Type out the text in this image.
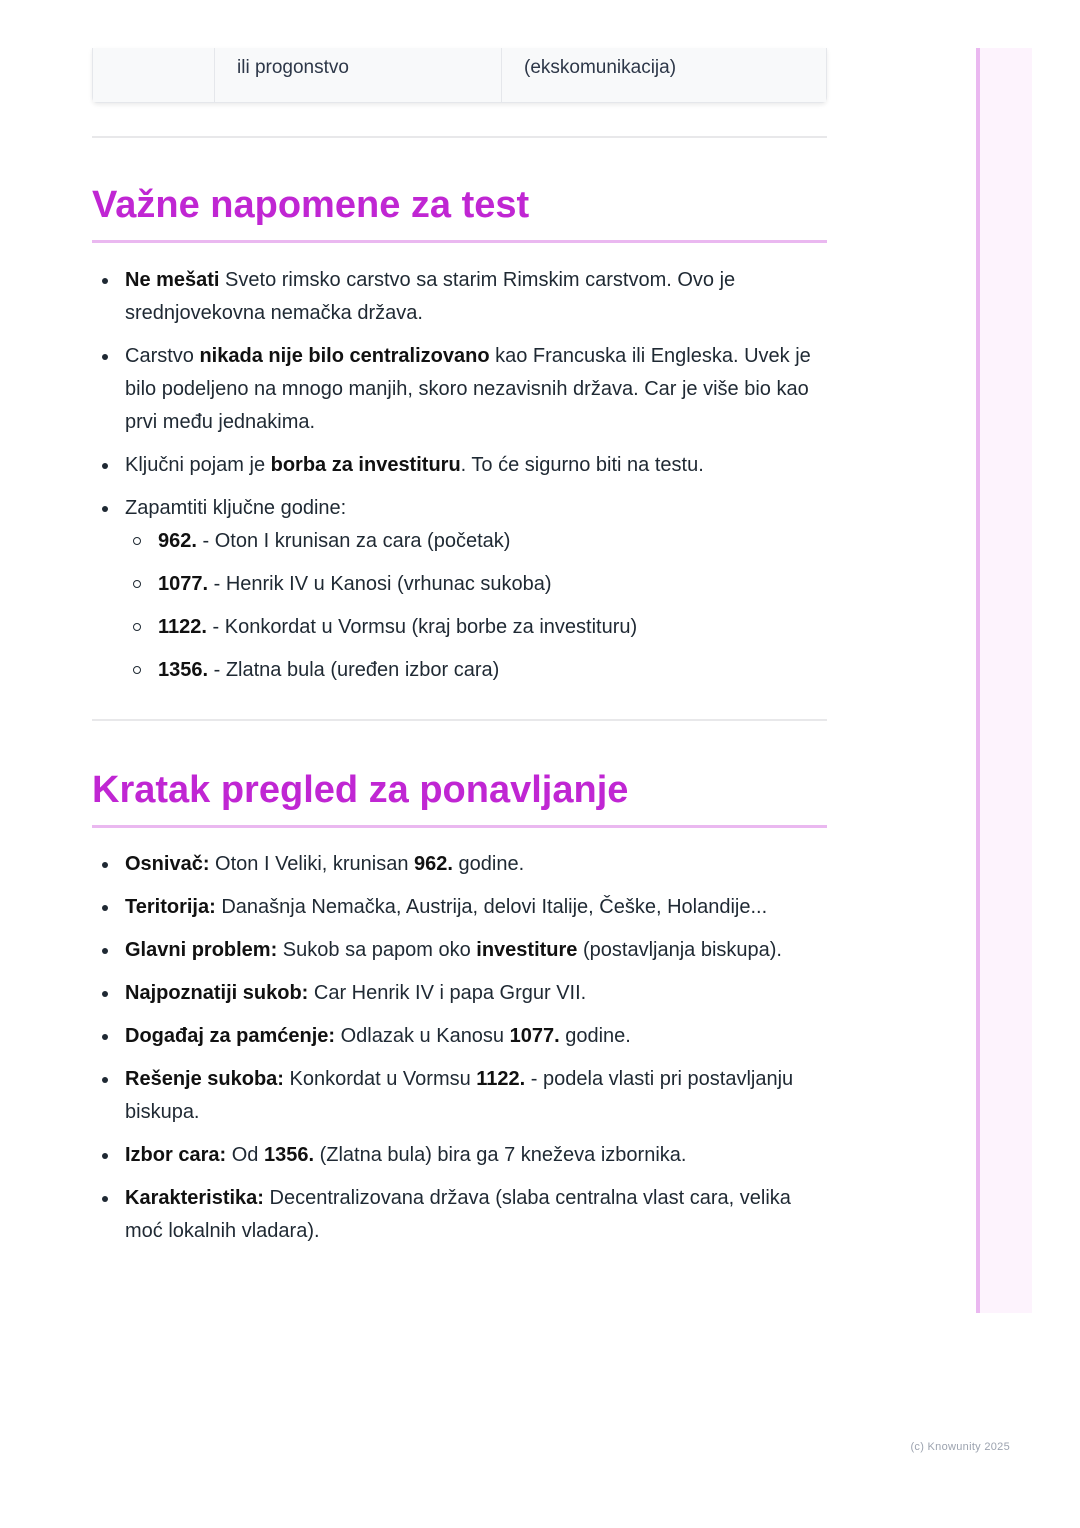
ili progonstvo	(ekskomunikacija)
Važne napomene za test
Ne mešati Sveto rimsko carstvo sa starim Rimskim carstvom. Ovo je srednjovekovna nemačka država.
Carstvo nikada nije bilo centralizovano kao Francuska ili Engleska. Uvek je bilo podeljeno na mnogo manjih, skoro nezavisnih država. Car je više bio kao prvi među jednakima.
Ključni pojam je borba za investituru. To će sigurno biti na testu.
Zapamtiti ključne godine:
962. - Oton I krunisan za cara (početak)
1077. - Henrik IV u Kanosi (vrhunac sukoba)
1122. - Konkordat u Vormsu (kraj borbe za investituru)
1356. - Zlatna bula (uređen izbor cara)
Kratak pregled za ponavljanje
Osnivač: Oton I Veliki, krunisan 962. godine.
Teritorija: Današnja Nemačka, Austrija, delovi Italije, Češke, Holandije...
Glavni problem: Sukob sa papom oko investiture (postavljanja biskupa).
Najpoznatiji sukob: Car Henrik IV i papa Grgur VII.
Događaj za pamćenje: Odlazak u Kanosu 1077. godine.
Rešenje sukoba: Konkordat u Vormsu 1122. - podela vlasti pri postavljanju biskupa.
Izbor cara: Od 1356. (Zlatna bula) bira ga 7 kneževa izbornika.
Karakteristika: Decentralizovana država (slaba centralna vlast cara, velika moć lokalnih vladara).
(c) Knowunity 2025
